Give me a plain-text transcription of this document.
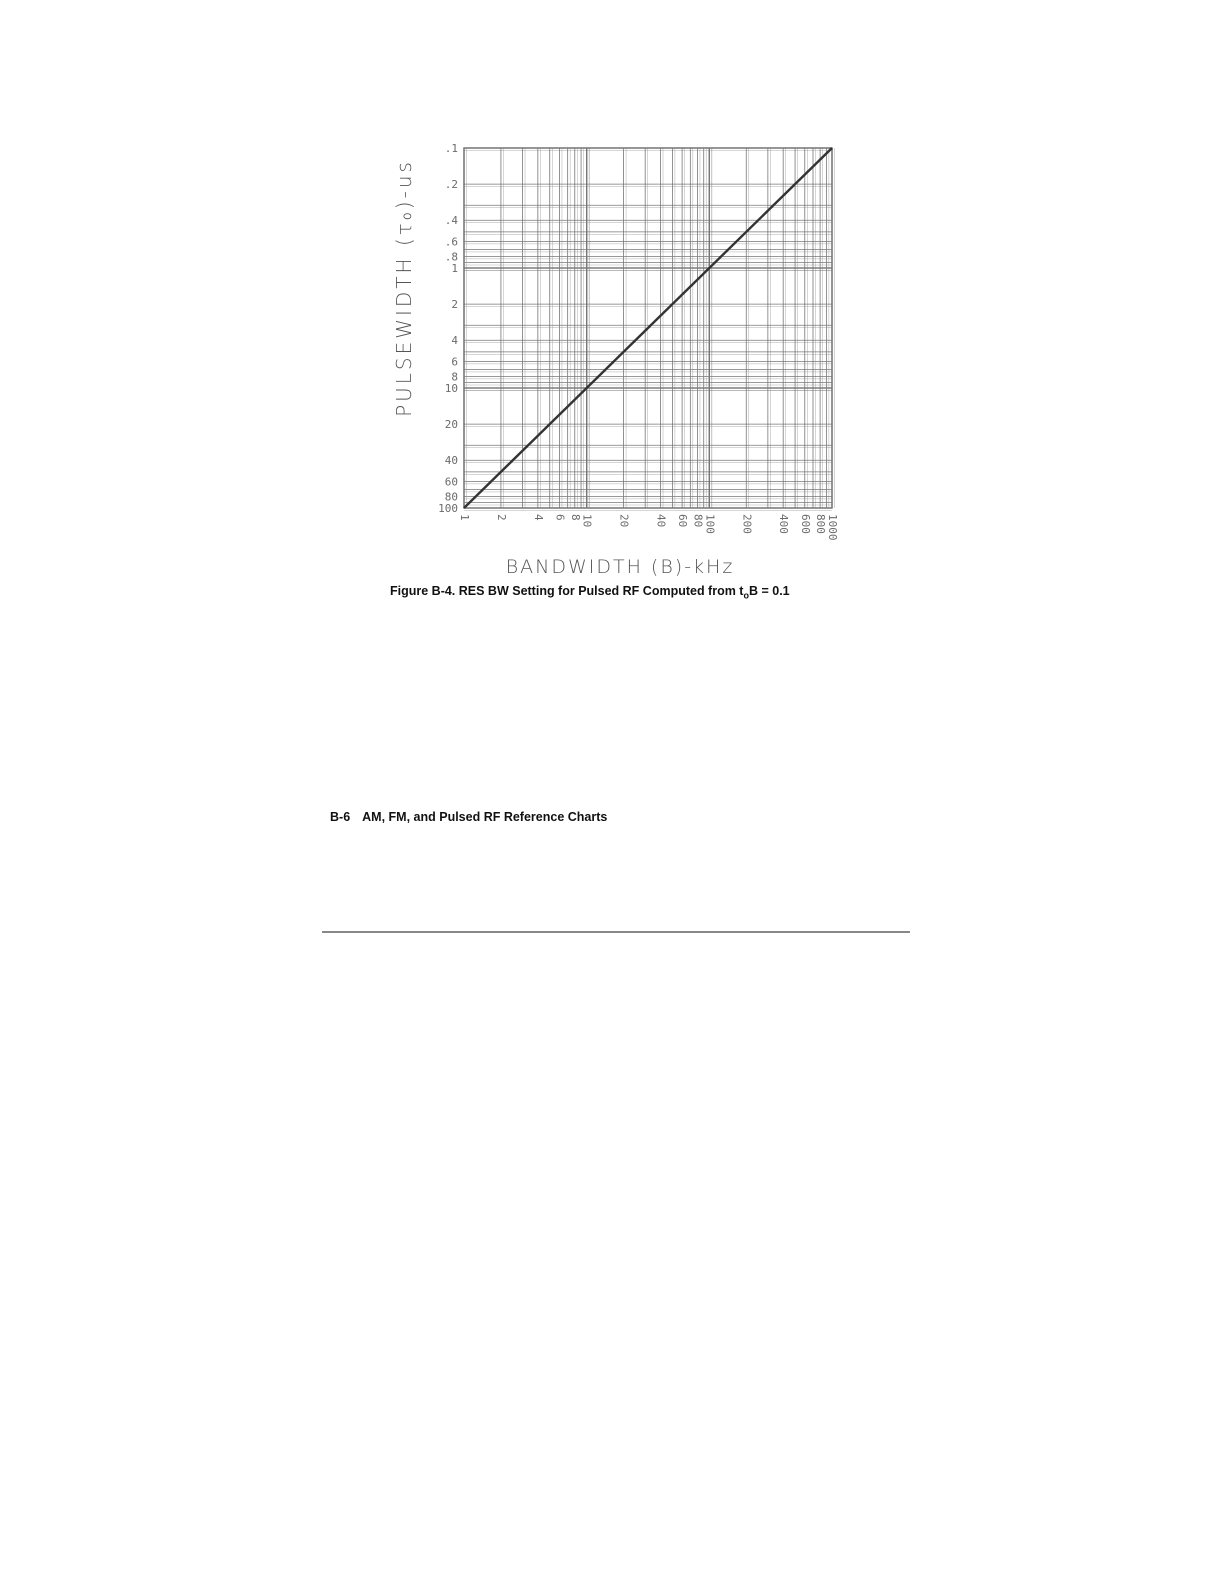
.1
.2
.4
.6
.8
1
2
4
6
8
10
20
40
60
80
100
1 2 4 6 8
10 20 40 60 80
100 200 400 600 800
1000
PULSEWIDTH (τ₀)-us
BANDWIDTH (B)-kHz
Figure B-4. RES BW Setting for Pulsed RF Computed from $t_oB = 0.1$
B-6 AM, FM, and Pulsed RF Reference Charts
